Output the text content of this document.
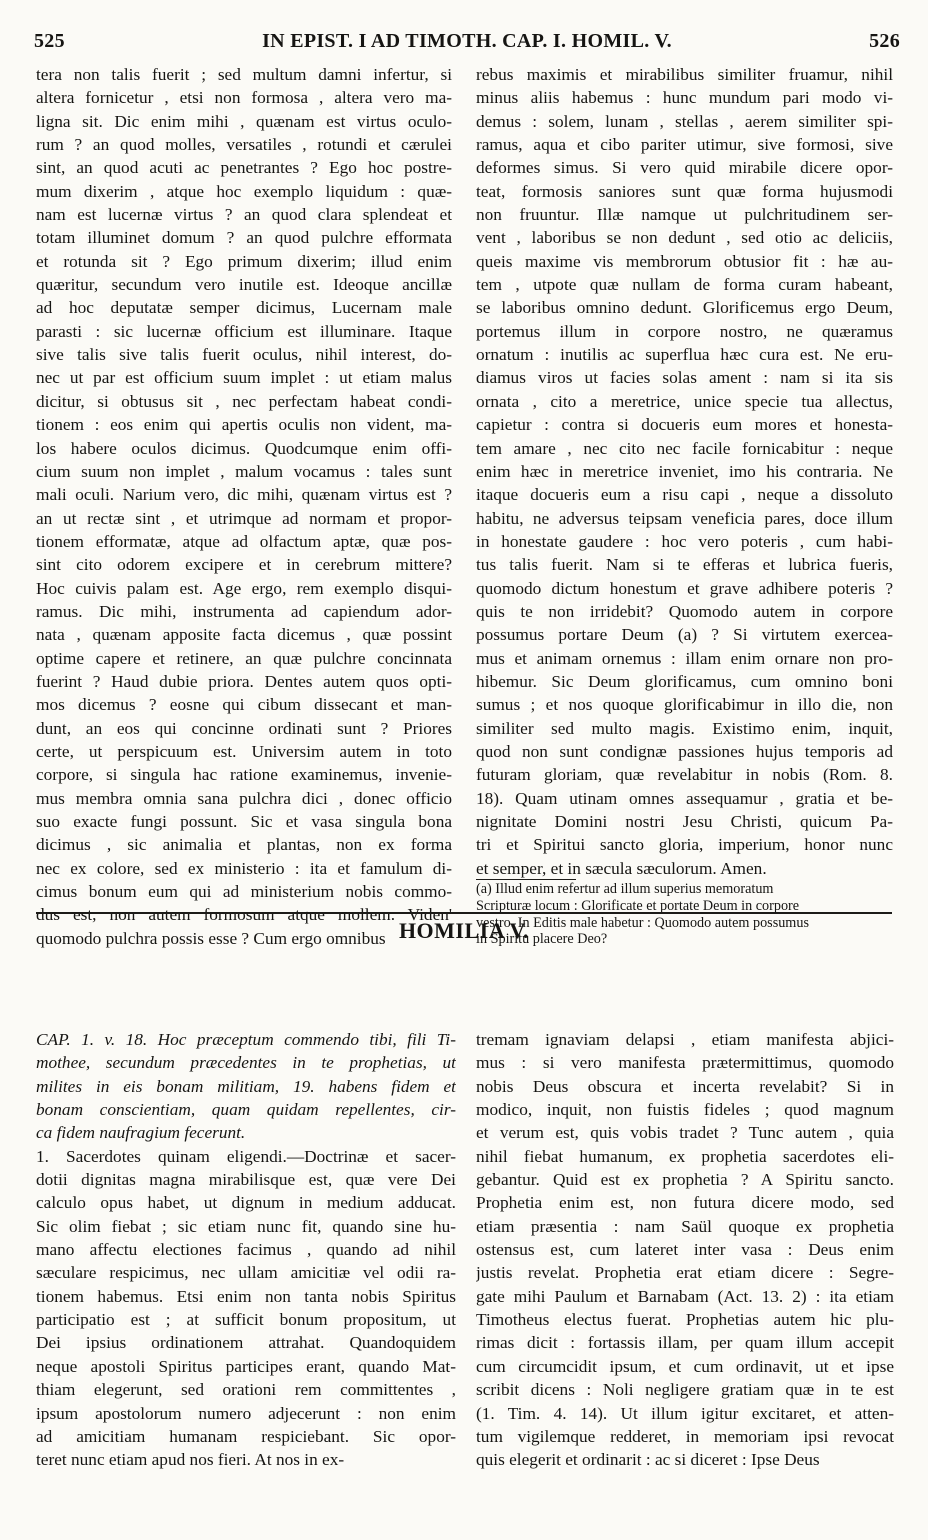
525	IN EPIST. I AD TIMOTH. CAP. I. HOMIL. V.	526
tera non talis fuerit ; sed multum damni infertur, si
altera fornicetur , etsi non formosa , altera vero ma-
ligna sit. Dic enim mihi , quænam est virtus oculo-
rum ? an quod molles, versatiles , rotundi et cærulei
sint, an quod acuti ac penetrantes ? Ego hoc postre-
mum dixerim , atque hoc exemplo liquidum : quæ-
nam est lucernæ virtus ? an quod clara splendeat et
totam illuminet domum ? an quod pulchre efformata
et rotunda sit ? Ego primum dixerim; illud enim
quæritur, secundum vero inutile est. Ideoque ancillæ
ad hoc deputatæ semper dicimus, Lucernam male
parasti : sic lucernæ officium est illuminare. Itaque
sive talis sive talis fuerit oculus, nihil interest, do-
nec ut par est officium suum implet : ut etiam malus
dicitur, si obtusus sit , nec perfectam habeat condi-
tionem : eos enim qui apertis oculis non vident, ma-
los habere oculos dicimus. Quodcumque enim offi-
cium suum non implet , malum vocamus : tales sunt
mali oculi. Narium vero, dic mihi, quænam virtus est ?
an ut rectæ sint , et utrimque ad normam et propor-
tionem efformatæ, atque ad olfactum aptæ, quæ pos-
sint cito odorem excipere et in cerebrum mittere?
Hoc cuivis palam est. Age ergo, rem exemplo disqui-
ramus. Dic mihi, instrumenta ad capiendum ador-
nata , quænam apposite facta dicemus , quæ possint
optime capere et retinere, an quæ pulchre concinnata
fuerint ? Haud dubie priora. Dentes autem quos opti-
mos dicemus ? eosne qui cibum dissecant et man-
dunt, an eos qui concinne ordinati sunt ? Priores
certe, ut perspicuum est. Universim autem in toto
corpore, si singula hac ratione examinemus, invenie-
mus membra omnia sana pulchra dici , donec officio
suo exacte fungi possunt. Sic et vasa singula bona
dicimus , sic animalia et plantas, non ex forma
nec ex colore, sed ex ministerio : ita et famulum di-
cimus bonum eum qui ad ministerium nobis commo-
dus est, non autem formosum atque mollem. Viden'
quomodo pulchra possis esse ? Cum ergo omnibus
rebus maximis et mirabilibus similiter fruamur, nihil
minus aliis habemus : hunc mundum pari modo vi-
demus : solem, lunam , stellas , aerem similiter spi-
ramus, aqua et cibo pariter utimur, sive formosi, sive
deformes simus. Si vero quid mirabile dicere opor-
teat, formosis saniores sunt quæ forma hujusmodi
non fruuntur. Illæ namque ut pulchritudinem ser-
vent , laboribus se non dedunt , sed otio ac deliciis,
queis maxime vis membrorum obtusior fit : hæ au-
tem , utpote quæ nullam de forma curam habeant,
se laboribus omnino dedunt. Glorificemus ergo Deum,
portemus illum in corpore nostro, ne quæramus
ornatum : inutilis ac superflua hæc cura est. Ne eru-
diamus viros ut facies solas ament : nam si ita sis
ornata , cito a meretrice, unice specie tua allectus,
capietur : contra si docueris eum mores et honesta-
tem amare , nec cito nec facile fornicabitur : neque
enim hæc in meretrice inveniet, imo his contraria. Ne
itaque docueris eum a risu capi , neque a dissoluto
habitu, ne adversus teipsam veneficia pares, doce illum
in honestate gaudere : hoc vero poteris , cum habi-
tus talis fuerit. Nam si te efferas et lubrica fueris,
quomodo dictum honestum et grave adhibere poteris ?
quis te non irridebit? Quomodo autem in corpore
possumus portare Deum (a) ? Si virtutem exercea-
mus et animam ornemus : illam enim ornare non pro-
hibemur. Sic Deum glorificamus, cum omnino boni
sumus ; et nos quoque glorificabimur in illo die, non
similiter sed multo magis. Existimo enim, inquit,
quod non sunt condignæ passiones hujus temporis ad
futuram gloriam, quæ revelabitur in nobis (Rom. 8.
18). Quam utinam omnes assequamur , gratia et be-
nignitate Domini nostri Jesu Christi, quicum Pa-
tri et Spiritui sancto gloria, imperium, honor nunc
et semper, et in sæcula sæculorum. Amen.
(a) Illud enim refertur ad illum superius memoratum
Scripturæ locum : Glorificate et portate Deum in corpore
vestro. In Editis male habetur : Quomodo autem possumus
in Spiritu placere Deo?
HOMILIA V.
CAP. 1. v. 18. Hoc præceptum commendo tibi, fili Ti-
mothee, secundum præcedentes in te prophetias, ut
milites in eis bonam militiam, 19. habens fidem et
bonam conscientiam, quam quidam repellentes, cir-
ca fidem naufragium fecerunt.
1. Sacerdotes quinam eligendi.—Doctrinæ et sacer-
dotii dignitas magna mirabilisque est, quæ vere Dei
calculo opus habet, ut dignum in medium adducat.
Sic olim fiebat ; sic etiam nunc fit, quando sine hu-
mano affectu electiones facimus , quando ad nihil
sæculare respicimus, nec ullam amicitiæ vel odii ra-
tionem habemus. Etsi enim non tanta nobis Spiritus
participatio est ; at sufficit bonum propositum, ut
Dei ipsius ordinationem attrahat. Quandoquidem
neque apostoli Spiritus participes erant, quando Mat-
thiam elegerunt, sed orationi rem committentes ,
ipsum apostolorum numero adjecerunt : non enim
ad amicitiam humanam respiciebant. Sic opor-
teret nunc etiam apud nos fieri. At nos in ex-
tremam ignaviam delapsi , etiam manifesta abjici-
mus : si vero manifesta prætermittimus, quomodo
nobis Deus obscura et incerta revelabit? Si in
modico, inquit, non fuistis fideles ; quod magnum
et verum est, quis vobis tradet ? Tunc autem , quia
nihil fiebat humanum, ex prophetia sacerdotes eli-
gebantur. Quid est ex prophetia ? A Spiritu sancto.
Prophetia enim est, non futura dicere modo, sed
etiam præsentia : nam Saül quoque ex prophetia
ostensus est, cum lateret inter vasa : Deus enim
justis revelat. Prophetia erat etiam dicere : Segre-
gate mihi Paulum et Barnabam (Act. 13. 2) : ita etiam
Timotheus electus fuerat. Prophetias autem hic plu-
rimas dicit : fortassis illam, per quam illum accepit
cum circumcidit ipsum, et cum ordinavit, ut et ipse
scribit dicens : Noli negligere gratiam quæ in te est
(1. Tim. 4. 14). Ut illum igitur excitaret, et atten-
tum vigilemque redderet, in memoriam ipsi revocat
quis elegerit et ordinarit : ac si diceret : Ipse Deus
